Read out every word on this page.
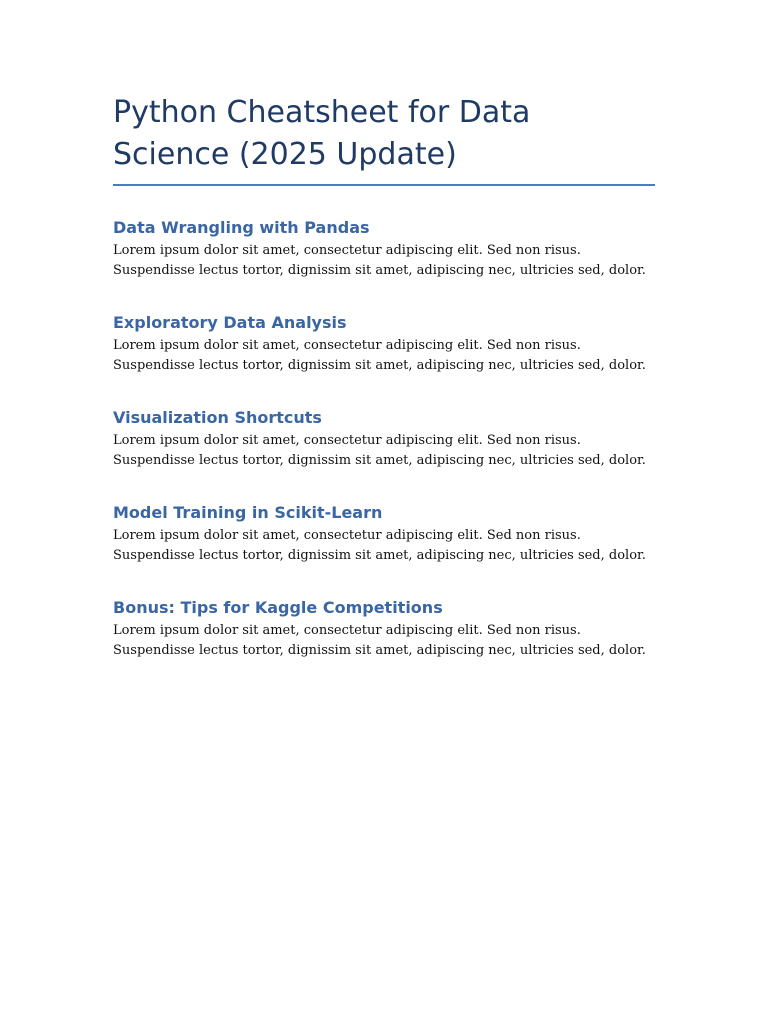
Python Cheatsheet for Data Science (2025 Update)
Data Wrangling with Pandas

Lorem ipsum dolor sit amet, consectetur adipiscing elit. Sed non risus. Suspendisse lectus tortor, dignissim sit amet, adipiscing nec, ultricies sed, dolor.

Exploratory Data Analysis

Lorem ipsum dolor sit amet, consectetur adipiscing elit. Sed non risus. Suspendisse lectus tortor, dignissim sit amet, adipiscing nec, ultricies sed, dolor.

Visualization Shortcuts

Lorem ipsum dolor sit amet, consectetur adipiscing elit. Sed non risus. Suspendisse lectus tortor, dignissim sit amet, adipiscing nec, ultricies sed, dolor.

Model Training in Scikit-Learn

Lorem ipsum dolor sit amet, consectetur adipiscing elit. Sed non risus. Suspendisse lectus tortor, dignissim sit amet, adipiscing nec, ultricies sed, dolor.

Bonus: Tips for Kaggle Competitions

Lorem ipsum dolor sit amet, consectetur adipiscing elit. Sed non risus. Suspendisse lectus tortor, dignissim sit amet, adipiscing nec, ultricies sed, dolor.
